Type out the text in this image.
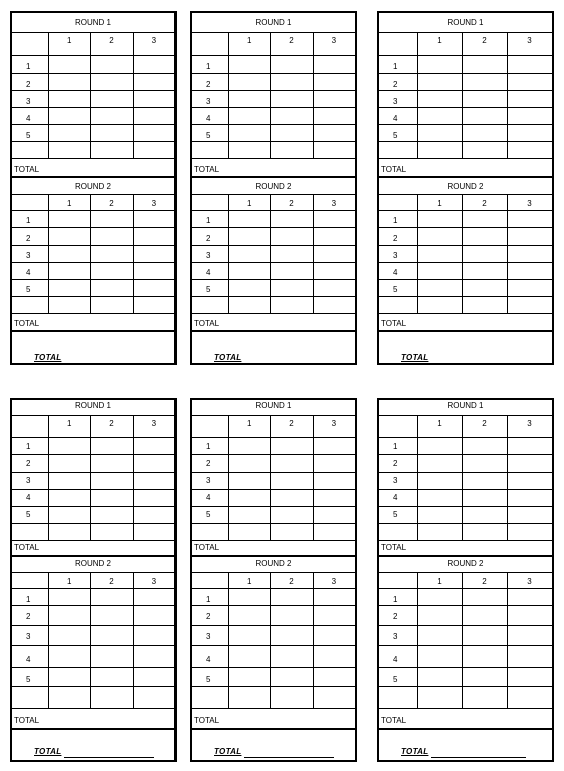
ROUND 1
1	2	3
1
2
3
4
5
TOTAL
ROUND 2
1	2	3
1
2
3
4
5
TOTAL
TOTAL
ROUND 1
1	2	3
1
2
3
4
5
TOTAL
ROUND 2
1	2	3
1
2
3
4
5
TOTAL
TOTAL
ROUND 1
1	2	3
1
2
3
4
5
TOTAL
ROUND 2
1	2	3
1
2
3
4
5
TOTAL
TOTAL
ROUND 1
1	2	3
1
2
3
4
5
TOTAL
ROUND 2
1	2	3
1
2
3
4
5
TOTAL
TOTAL
ROUND 1
1	2	3
1
2
3
4
5
TOTAL
ROUND 2
1	2	3
1
2
3
4
5
TOTAL
TOTAL
ROUND 1
1	2	3
1
2
3
4
5
TOTAL
ROUND 2
1	2	3
1
2
3
4
5
TOTAL
TOTAL
